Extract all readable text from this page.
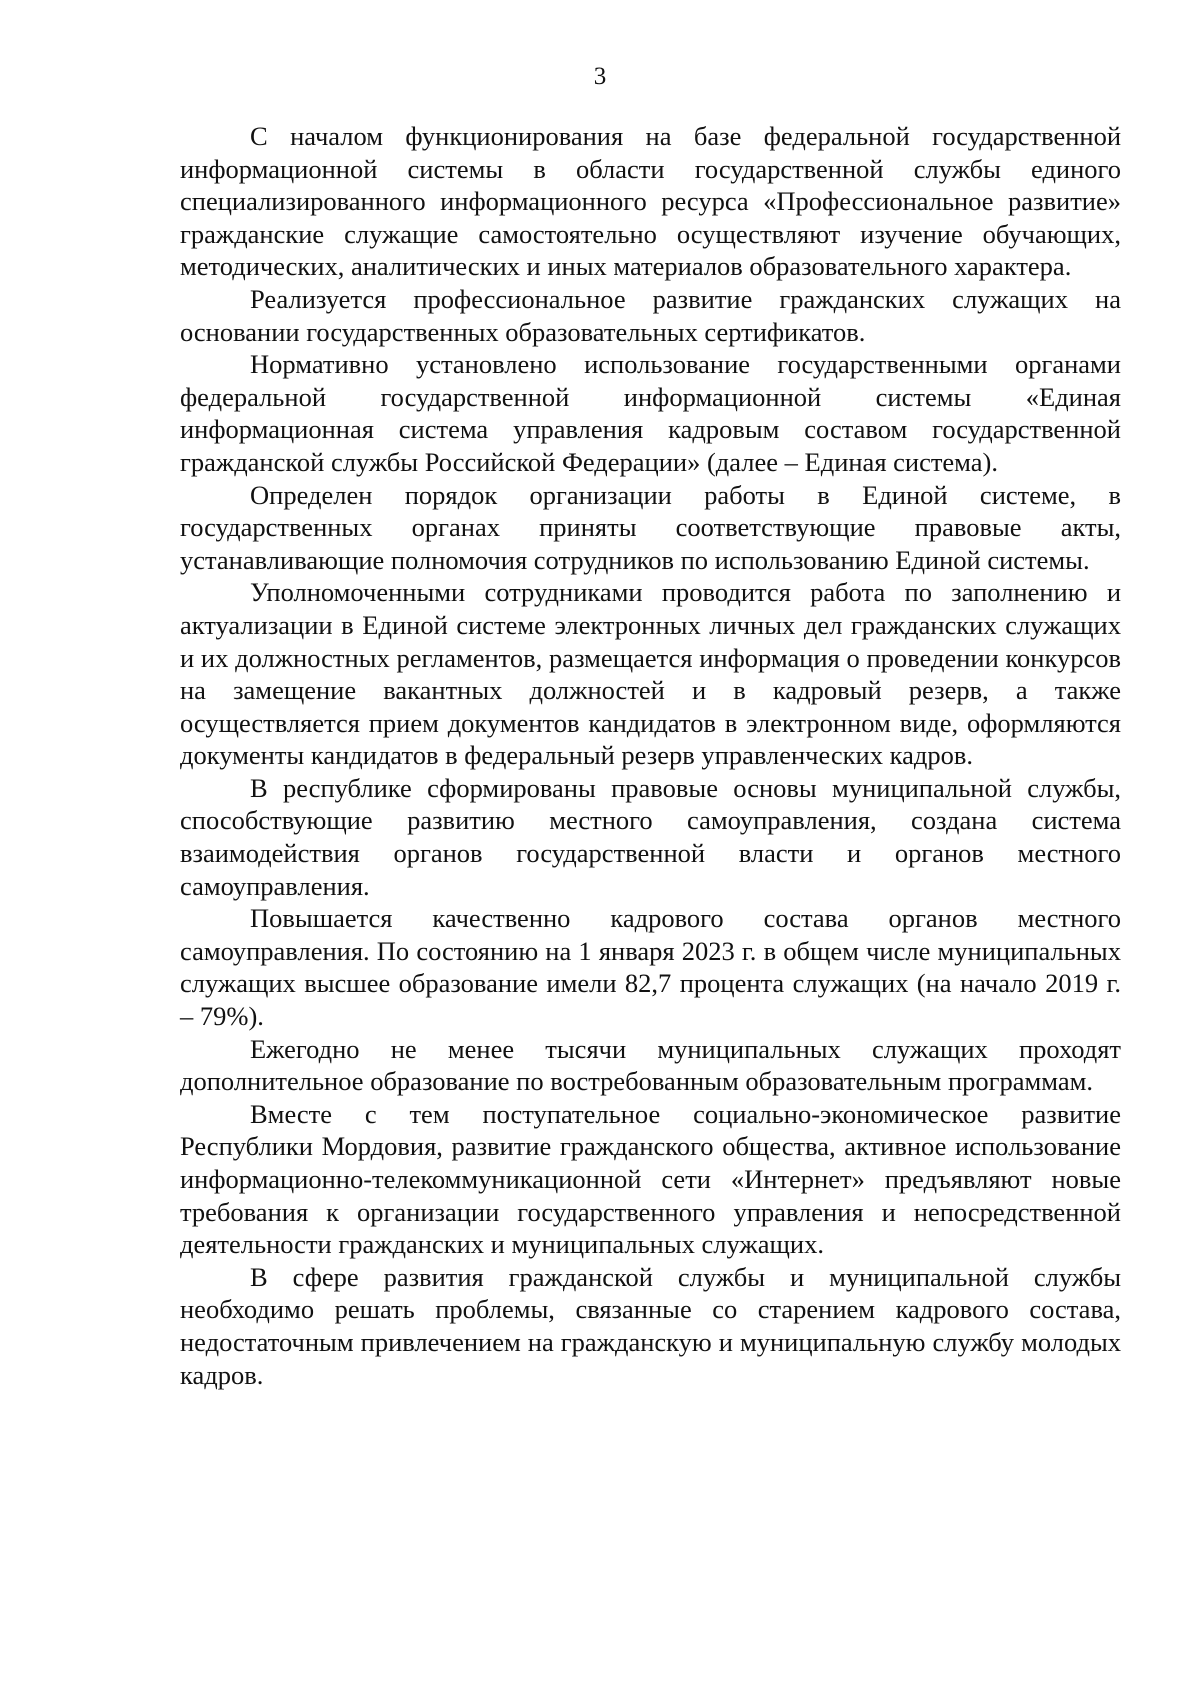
3

С началом функционирования на базе федеральной государственной информационной системы в области государственной службы единого специализированного информационного ресурса «Профессиональное развитие» гражданские служащие самостоятельно осуществляют изучение обучающих, методических, аналитических и иных материалов образовательного характера.

Реализуется профессиональное развитие гражданских служащих на основании государственных образовательных сертификатов.

Нормативно установлено использование государственными органами федеральной государственной информационной системы «Единая информационная система управления кадровым составом государственной гражданской службы Российской Федерации» (далее – Единая система).

Определен порядок организации работы в Единой системе, в государственных органах приняты соответствующие правовые акты, устанавливающие полномочия сотрудников по использованию Единой системы.

Уполномоченными сотрудниками проводится работа по заполнению и актуализации в Единой системе электронных личных дел гражданских служащих и их должностных регламентов, размещается информация о проведении конкурсов на замещение вакантных должностей и в кадровый резерв, а также осуществляется прием документов кандидатов в электронном виде, оформляются документы кандидатов в федеральный резерв управленческих кадров.

В республике сформированы правовые основы муниципальной службы, способствующие развитию местного самоуправления, создана система взаимодействия органов государственной власти и органов местного самоуправления.

Повышается качественно кадрового состава органов местного самоуправления. По состоянию на 1 января 2023 г. в общем числе муниципальных служащих высшее образование имели 82,7 процента служащих (на начало 2019 г. – 79%).

Ежегодно не менее тысячи муниципальных служащих проходят дополнительное образование по востребованным образовательным программам.

Вместе с тем поступательное социально-экономическое развитие Республики Мордовия, развитие гражданского общества, активное использование информационно-телекоммуникационной сети «Интернет» предъявляют новые требования к организации государственного управления и непосредственной деятельности гражданских и муниципальных служащих.

В сфере развития гражданской службы и муниципальной службы необходимо решать проблемы, связанные со старением кадрового состава, недостаточным привлечением на гражданскую и муниципальную службу молодых кадров.
